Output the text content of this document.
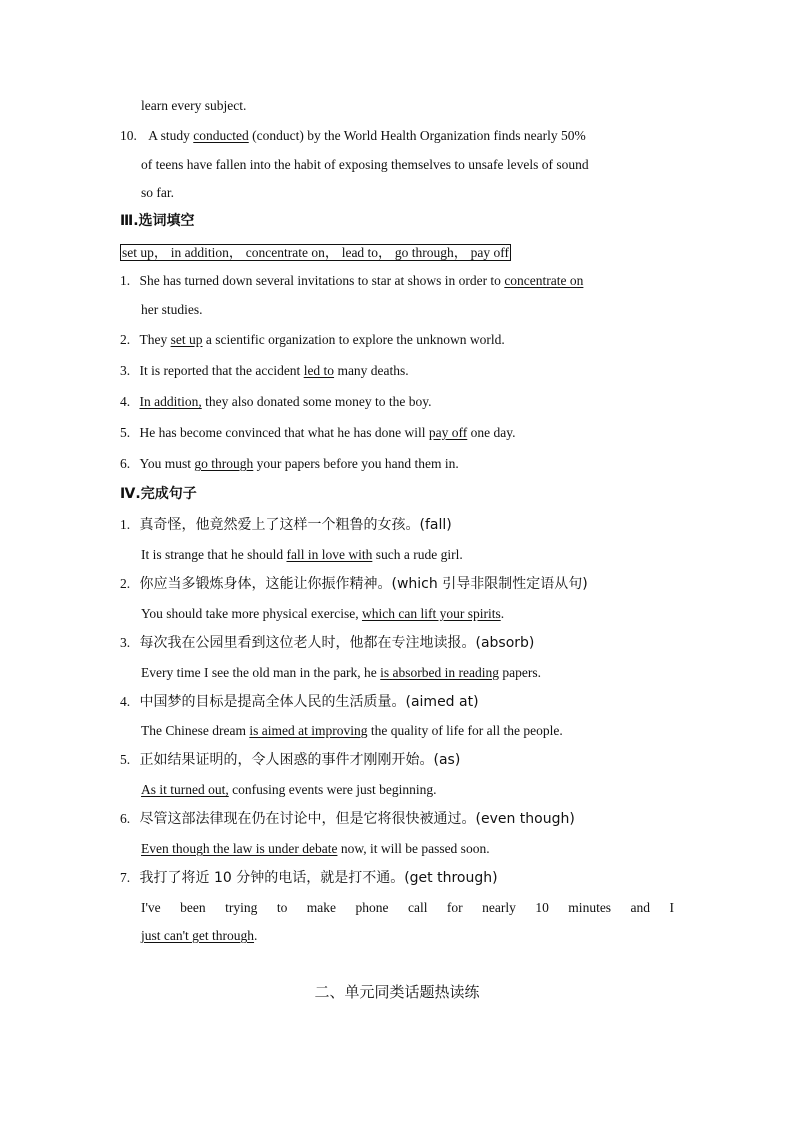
learn every subject.
10. A study conducted (conduct) by the World Health Organization finds nearly 50%
of teens have fallen into the habit of exposing themselves to unsafe levels of sound
so far.
Ⅲ.选词填空
set up， in addition， concentrate on， lead to， go through， pay off
1. She has turned down several invitations to star at shows in order to concentrate on
her studies.
2. They set up a scientific organization to explore the unknown world.
3. It is reported that the accident led to many deaths.
4. In addition, they also donated some money to the boy.
5. He has become convinced that what he has done will pay off one day.
6. You must go through your papers before you hand them in.
Ⅳ.完成句子
1. 真奇怪，他竟然爱上了这样一个粗鲁的女孩。(fall)
It is strange that he should fall in love with such a rude girl.
2. 你应当多锻炼身体，这能让你振作精神。(which 引导非限制性定语从句)
You should take more physical exercise, which can lift your spirits.
3. 每次我在公园里看到这位老人时，他都在专注地读报。(absorb)
Every time I see the old man in the park, he is absorbed in reading papers.
4. 中国梦的目标是提高全体人民的生活质量。(aimed at)
The Chinese dream is aimed at improving the quality of life for all the people.
5. 正如结果证明的，令人困惑的事件才刚刚开始。(as)
As it turned out, confusing events were just beginning.
6. 尽管这部法律现在仍在讨论中，但是它将很快被通过。(even though)
Even though the law is under debate now, it will be passed soon.
7. 我打了将近 10 分钟的电话，就是打不通。(get through)
I've been trying to make phone call for nearly 10 minutes and I
just can't get through.
二、单元同类话题热读练
